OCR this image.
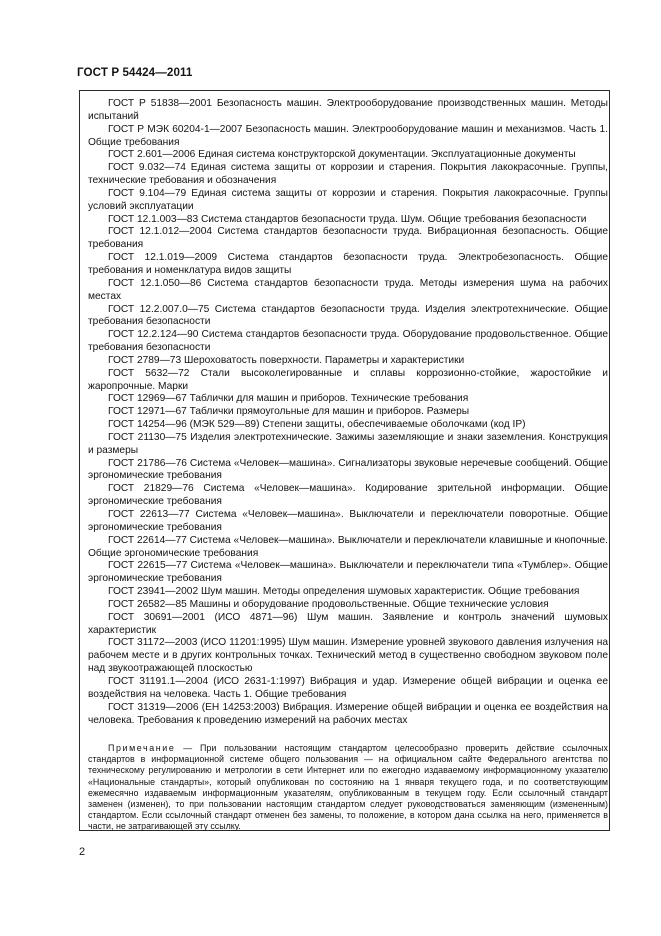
ГОСТ Р 54424—2011

ГОСТ Р 51838—2001 Безопасность машин. Электрооборудование производственных машин. Методы испытаний

ГОСТ Р МЭК 60204-1—2007 Безопасность машин. Электрооборудование машин и механизмов. Часть 1. Общие требования

ГОСТ 2.601—2006 Единая система конструкторской документации. Эксплуатационные документы

ГОСТ 9.032—74 Единая система защиты от коррозии и старения. Покрытия лакокрасочные. Группы, технические требования и обозначения

ГОСТ 9.104—79 Единая система защиты от коррозии и старения. Покрытия лакокрасочные. Группы условий эксплуатации

ГОСТ 12.1.003—83 Система стандартов безопасности труда. Шум. Общие требования безопасности

ГОСТ 12.1.012—2004 Система стандартов безопасности труда. Вибрационная безопасность. Общие требования

ГОСТ 12.1.019—2009 Система стандартов безопасности труда. Электробезопасность. Общие требования и номенклатура видов защиты

ГОСТ 12.1.050—86 Система стандартов безопасности труда. Методы измерения шума на рабочих местах

ГОСТ 12.2.007.0—75 Система стандартов безопасности труда. Изделия электротехнические. Общие требования безопасности

ГОСТ 12.2.124—90 Система стандартов безопасности труда. Оборудование продовольственное. Общие требования безопасности

ГОСТ 2789—73 Шероховатость поверхности. Параметры и характеристики

ГОСТ 5632—72 Стали высоколегированные и сплавы коррозионно-стойкие, жаростойкие и жаропрочные. Марки

ГОСТ 12969—67 Таблички для машин и приборов. Технические требования

ГОСТ 12971—67 Таблички прямоугольные для машин и приборов. Размеры

ГОСТ 14254—96 (МЭК 529—89) Степени защиты, обеспечиваемые оболочками (код IP)

ГОСТ 21130—75 Изделия электротехнические. Зажимы заземляющие и знаки заземления. Конструкция и размеры

ГОСТ 21786—76 Система «Человек—машина». Сигнализаторы звуковые неречевые сообщений. Общие эргономические требования

ГОСТ 21829—76 Система «Человек—машина». Кодирование зрительной информации. Общие эргономические требования

ГОСТ 22613—77 Система «Человек—машина». Выключатели и переключатели поворотные. Общие эргономические требования

ГОСТ 22614—77 Система «Человек—машина». Выключатели и переключатели клавишные и кнопочные. Общие эргономические требования

ГОСТ 22615—77 Система «Человек—машина». Выключатели и переключатели типа «Тумблер». Общие эргономические требования

ГОСТ 23941—2002 Шум машин. Методы определения шумовых характеристик. Общие требования

ГОСТ 26582—85 Машины и оборудование продовольственные. Общие технические условия

ГОСТ 30691—2001 (ИСО 4871—96) Шум машин. Заявление и контроль значений шумовых характеристик

ГОСТ 31172—2003 (ИСО 11201:1995) Шум машин. Измерение уровней звукового давления излучения на рабочем месте и в других контрольных точках. Технический метод в существенно свободном звуковом поле над звукоотражающей плоскостью

ГОСТ 31191.1—2004 (ИСО 2631-1:1997) Вибрация и удар. Измерение общей вибрации и оценка ее воздействия на человека. Часть 1. Общие требования

ГОСТ 31319—2006 (ЕН 14253:2003) Вибрация. Измерение общей вибрации и оценка ее воздействия на человека. Требования к проведению измерений на рабочих местах

Примечание — При пользовании настоящим стандартом целесообразно проверить действие ссылочных стандартов в информационной системе общего пользования — на официальном сайте Федерального агентства по техническому регулированию и метрологии в сети Интернет или по ежегодно издаваемому информационному указателю «Национальные стандарты», который опубликован по состоянию на 1 января текущего года, и по соответствующим ежемесячно издаваемым информационным указателям, опубликованным в текущем году. Если ссылочный стандарт заменен (изменен), то при пользовании настоящим стандартом следует руководствоваться заменяющим (измененным) стандартом. Если ссылочный стандарт отменен без замены, то положение, в котором дана ссылка на него, применяется в части, не затрагивающей эту ссылку.

2
